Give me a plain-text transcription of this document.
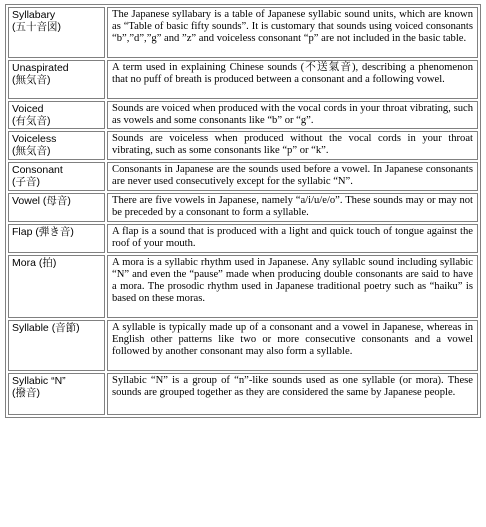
Syllabary
(五十音図)	The Japanese syllabary is a table of Japanese syllabic sound units, which are known as “Table of basic fifty sounds”. It is customary that sounds using voiced consonants “b”,”d”,”g” and ”z” and voiceless consonant “p” are not included in the basic table.

Unaspirated
(無気音)	A term used in explaining Chinese sounds (不送氣音), describing a phenomenon that no puff of breath is produced between a consonant and a following vowel.

Voiced
(有気音)	Sounds are voiced when produced with the vocal cords in your throat vibrating, such as vowels and some consonants like “b” or “g”.

Voiceless
(無気音)	Sounds are voiceless when produced without the vocal cords in your throat vibrating, such as some consonants like “p” or “k”.

Consonant
(子音)	Consonants in Japanese are the sounds used before a vowel. In Japanese consonants are never used consecutively except for the syllabic “N”.

Vowel (母音)	There are five vowels in Japanese, namely “a/i/u/e/o”. These sounds may or may not be preceded by a consonant to form a syllable.

Flap (弾き音)	A flap is a sound that is produced with a light and quick touch of tongue against the roof of your mouth.

Mora (拍)	A mora is a syllabic rhythm used in Japanese. Any syllablc sound including syllabic “N” and even the “pause” made when producing double consonants are said to have a mora. The prosodic rhythm used in Japanese traditional poetry such as “haiku” is based on these moras.

Syllable (音節)	A syllable is typically made up of a consonant and a vowel in Japanese, whereas in English other patterns like two or more consecutive consonants and a vowel followed by another consonant may also form a syllable.

Syllabic “N”
(撥音)	Syllabic “N” is a group of “n”-like sounds used as one syllable (or mora). These sounds are grouped together as they are considered the same by Japanese people.
